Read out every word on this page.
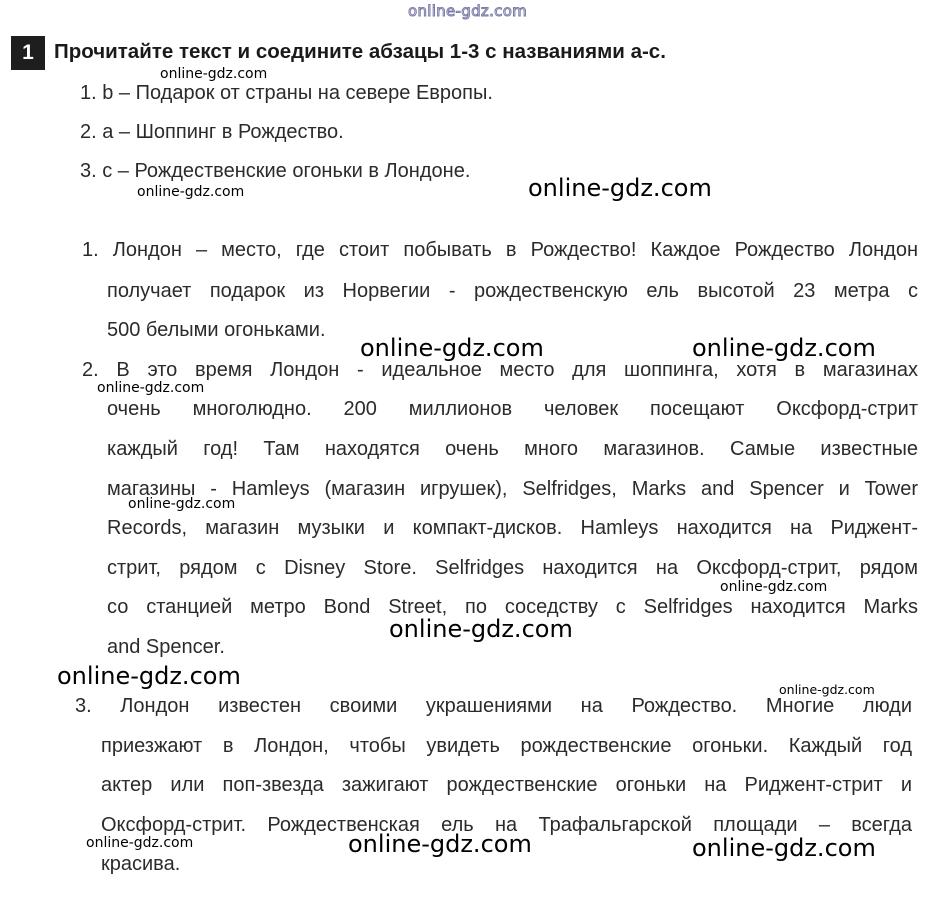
online-gdz.com
1 Прочитайте текст и соедините абзацы 1-3 с названиями a-c.
1. b – Подарок от страны на севере Европы.
2. a – Шоппинг в Рождество.
3. c – Рождественские огоньки в Лондоне.
1. Лондон – место, где стоит побывать в Рождество! Каждое Рождество Лондон
получает подарок из Норвегии - рождественскую ель высотой 23 метра с
500 белыми огоньками.
2. В это время Лондон - идеальное место для шоппинга, хотя в магазинах
очень многолюдно. 200 миллионов человек посещают Оксфорд-стрит
каждый год! Там находятся очень много магазинов. Самые известные
магазины - Hamleys (магазин игрушек), Selfridges, Marks and Spencer и Tower
Records, магазин музыки и компакт-дисков. Hamleys находится на Риджент-
стрит, рядом с Disney Store. Selfridges находится на Оксфорд-стрит, рядом
со станцией метро Bond Street, по соседству с Selfridges находится Marks
and Spencer.
3. Лондон известен своими украшениями на Рождество. Многие люди
приезжают в Лондон, чтобы увидеть рождественские огоньки. Каждый год
актер или поп-звезда зажигают рождественские огоньки на Риджент-стрит и
Оксфорд-стрит. Рождественская ель на Трафальгарской площади – всегда
красива.
online-gdz.com
online-gdz.com	online-gdz.com
online-gdz.com	online-gdz.com
online-gdz.com
online-gdz.com
online-gdz.com
online-gdz.com
online-gdz.com	online-gdz.com
online-gdz.com	online-gdz.com	online-gdz.com
